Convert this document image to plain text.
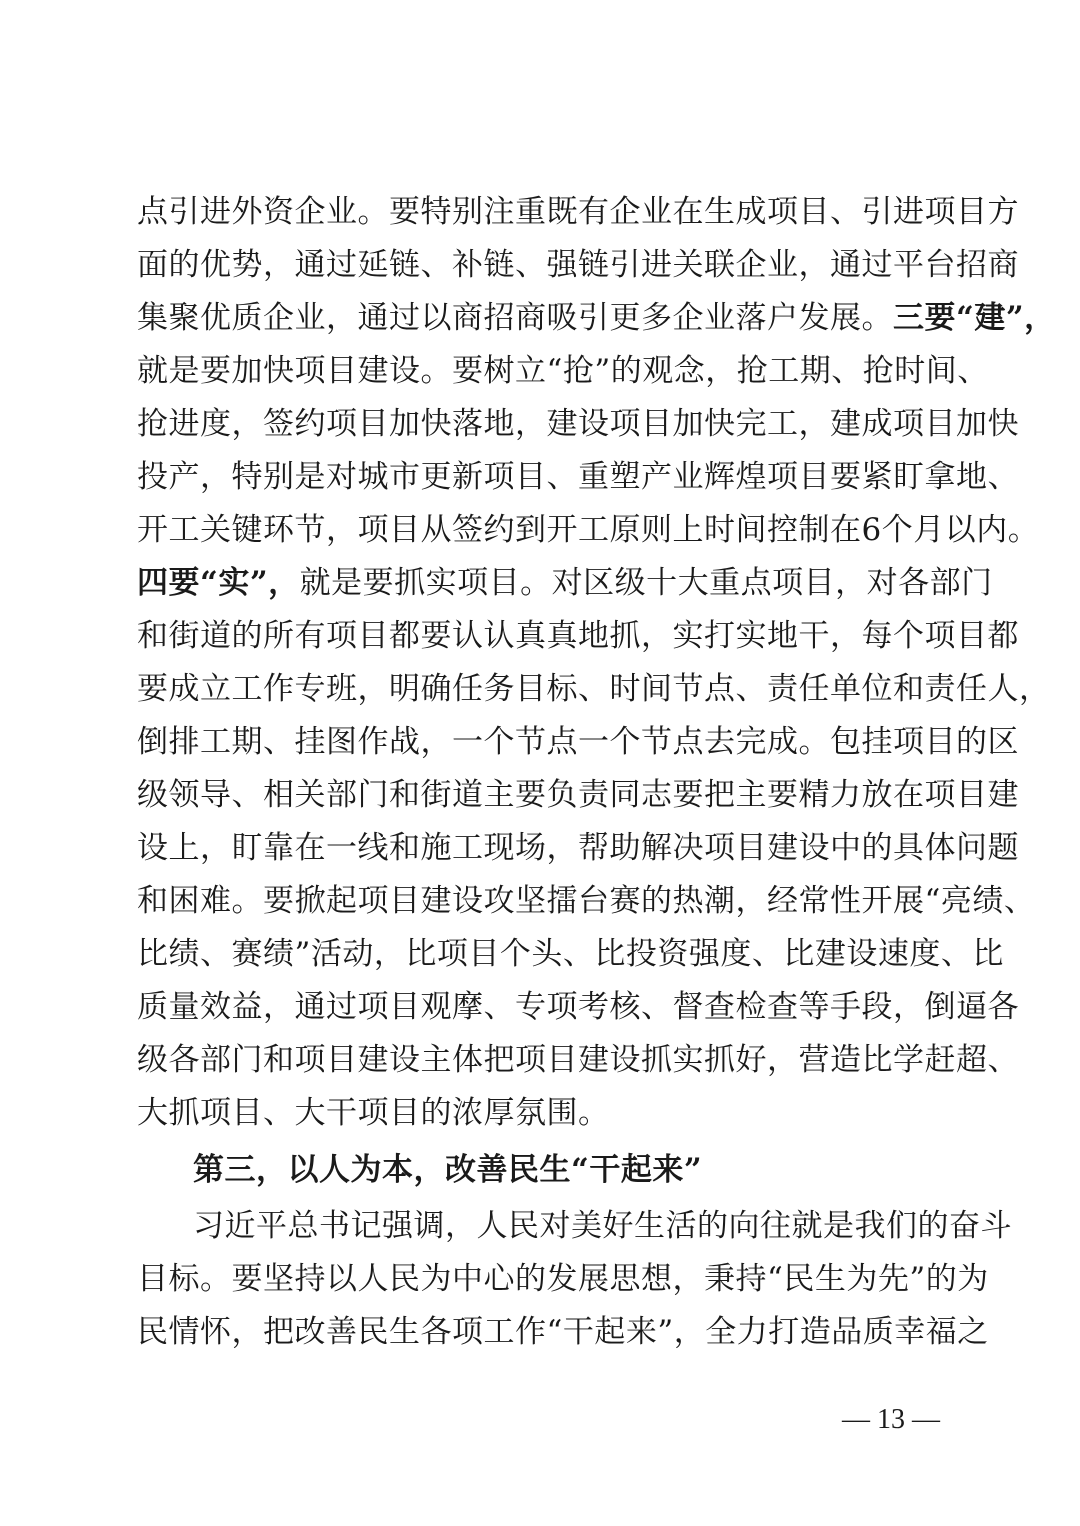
点引进外资企业。要特别注重既有企业在生成项目、引进项目方
面的优势，通过延链、补链、强链引进关联企业，通过平台招商
集聚优质企业，通过以商招商吸引更多企业落户发展。三要“建”，
就是要加快项目建设。要树立“抢”的观念，抢工期、抢时间、
抢进度，签约项目加快落地，建设项目加快完工，建成项目加快
投产，特别是对城市更新项目、重塑产业辉煌项目要紧盯拿地、
开工关键环节，项目从签约到开工原则上时间控制在6个月以内。
四要“实”，就是要抓实项目。对区级十大重点项目，对各部门
和街道的所有项目都要认认真真地抓，实打实地干，每个项目都
要成立工作专班，明确任务目标、时间节点、责任单位和责任人，
倒排工期、挂图作战，一个节点一个节点去完成。包挂项目的区
级领导、相关部门和街道主要负责同志要把主要精力放在项目建
设上，盯靠在一线和施工现场，帮助解决项目建设中的具体问题
和困难。要掀起项目建设攻坚擂台赛的热潮，经常性开展“亮绩、
比绩、赛绩”活动，比项目个头、比投资强度、比建设速度、比
质量效益，通过项目观摩、专项考核、督查检查等手段，倒逼各
级各部门和项目建设主体把项目建设抓实抓好，营造比学赶超、
大抓项目、大干项目的浓厚氛围。
第三，以人为本，改善民生“干起来”
习近平总书记强调，人民对美好生活的向往就是我们的奋斗
目标。要坚持以人民为中心的发展思想，秉持“民生为先”的为
民情怀，把改善民生各项工作“干起来”，全力打造品质幸福之
— 13 —
